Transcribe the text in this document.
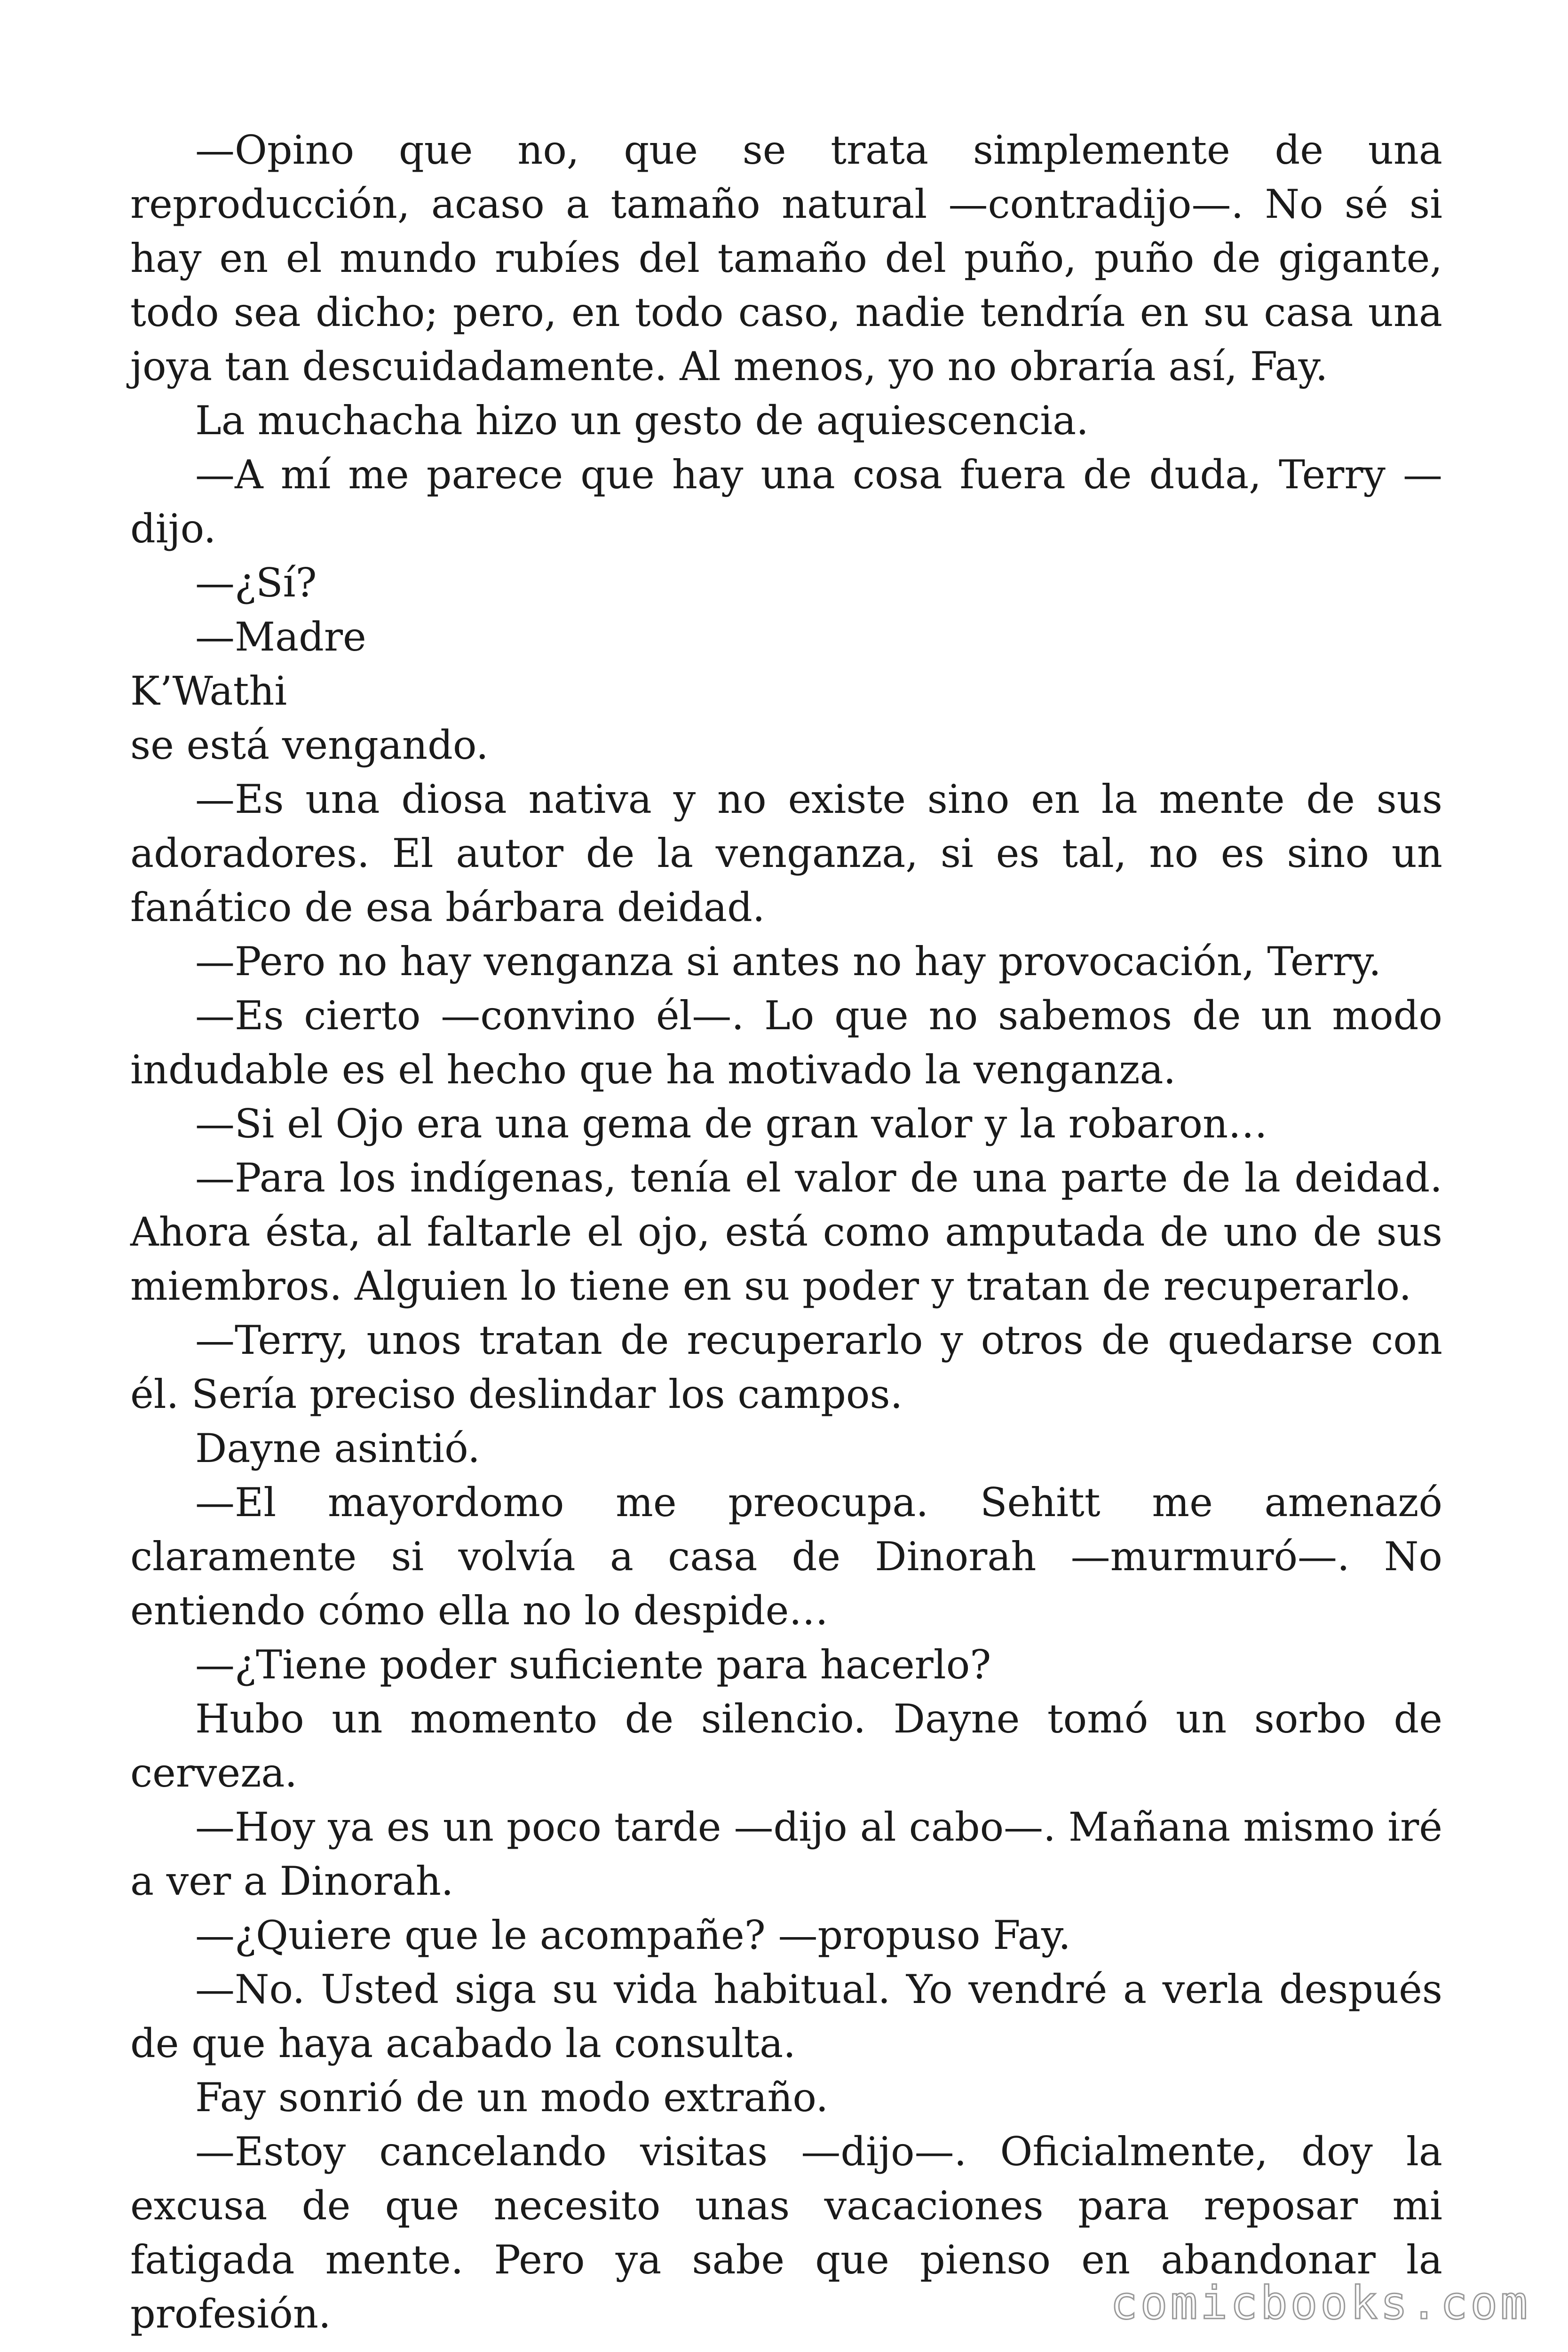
—Opino que no, que se trata simplemente de una reproducción, acaso a tamaño natural —contradijo—. No sé si hay en el mundo rubíes del tamaño del puño, puño de gigante, todo sea dicho; pero, en todo caso, nadie tendría en su casa una joya tan descuidadamente. Al menos, yo no obraría así, Fay.

La muchacha hizo un gesto de aquiescencia.

—A mí me parece que hay una cosa fuera de duda, Terry —dijo.

—¿Sí?

—Madre

K’Wathi

se está vengando.

—Es una diosa nativa y no existe sino en la mente de sus adoradores. El autor de la venganza, si es tal, no es sino un fanático de esa bárbara deidad.

—Pero no hay venganza si antes no hay provocación, Terry.

—Es cierto —convino él—. Lo que no sabemos de un modo indudable es el hecho que ha motivado la venganza.

—Si el Ojo era una gema de gran valor y la robaron…

—Para los indígenas, tenía el valor de una parte de la deidad. Ahora ésta, al faltarle el ojo, está como amputada de uno de sus miembros. Alguien lo tiene en su poder y tratan de recuperarlo.

—Terry, unos tratan de recuperarlo y otros de quedarse con él. Sería preciso deslindar los campos.

Dayne asintió.

—El mayordomo me preocupa. Sehitt me amenazó claramente si volvía a casa de Dinorah —murmuró—. No entiendo cómo ella no lo despide…

—¿Tiene poder suficiente para hacerlo?

Hubo un momento de silencio. Dayne tomó un sorbo de cerveza.

—Hoy ya es un poco tarde —dijo al cabo—. Mañana mismo iré a ver a Dinorah.

—¿Quiere que le acompañe? —propuso Fay.

—No. Usted siga su vida habitual. Yo vendré a verla después de que haya acabado la consulta.

Fay sonrió de un modo extraño.

—Estoy cancelando visitas —dijo—. Oficialmente, doy la excusa de que necesito unas vacaciones para reposar mi fatigada mente. Pero ya sabe que pienso en abandonar la profesión.	comicbooks.com
